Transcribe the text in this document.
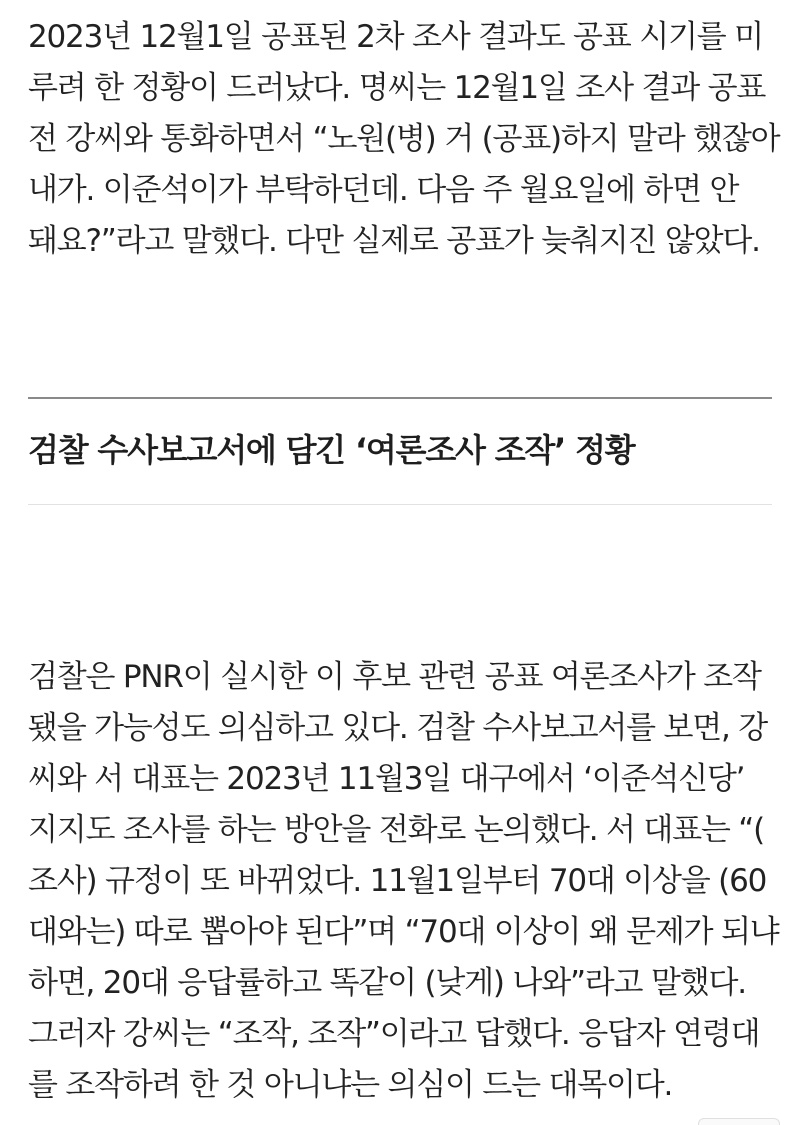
2023년 12월1일 공표된 2차 조사 결과도 공표 시기를 미
루려 한 정황이 드러났다. 명씨는 12월1일 조사 결과 공표
전 강씨와 통화하면서 “노원(병) 거 (공표)하지 말라 했잖아
내가. 이준석이가 부탁하던데. 다음 주 월요일에 하면 안
돼요?”라고 말했다. 다만 실제로 공표가 늦춰지진 않았다.

검찰 수사보고서에 담긴 ‘여론조사 조작’ 정황

검찰은 PNR이 실시한 이 후보 관련 공표 여론조사가 조작
됐을 가능성도 의심하고 있다. 검찰 수사보고서를 보면, 강
씨와 서 대표는 2023년 11월3일 대구에서 ‘이준석신당’
지지도 조사를 하는 방안을 전화로 논의했다. 서 대표는 “(
조사) 규정이 또 바뀌었다. 11월1일부터 70대 이상을 (60
대와는) 따로 뽑아야 된다”며 “70대 이상이 왜 문제가 되냐
하면, 20대 응답률하고 똑같이 (낮게) 나와”라고 말했다.
그러자 강씨는 “조작, 조작”이라고 답했다. 응답자 연령대
를 조작하려 한 것 아니냐는 의심이 드는 대목이다.
